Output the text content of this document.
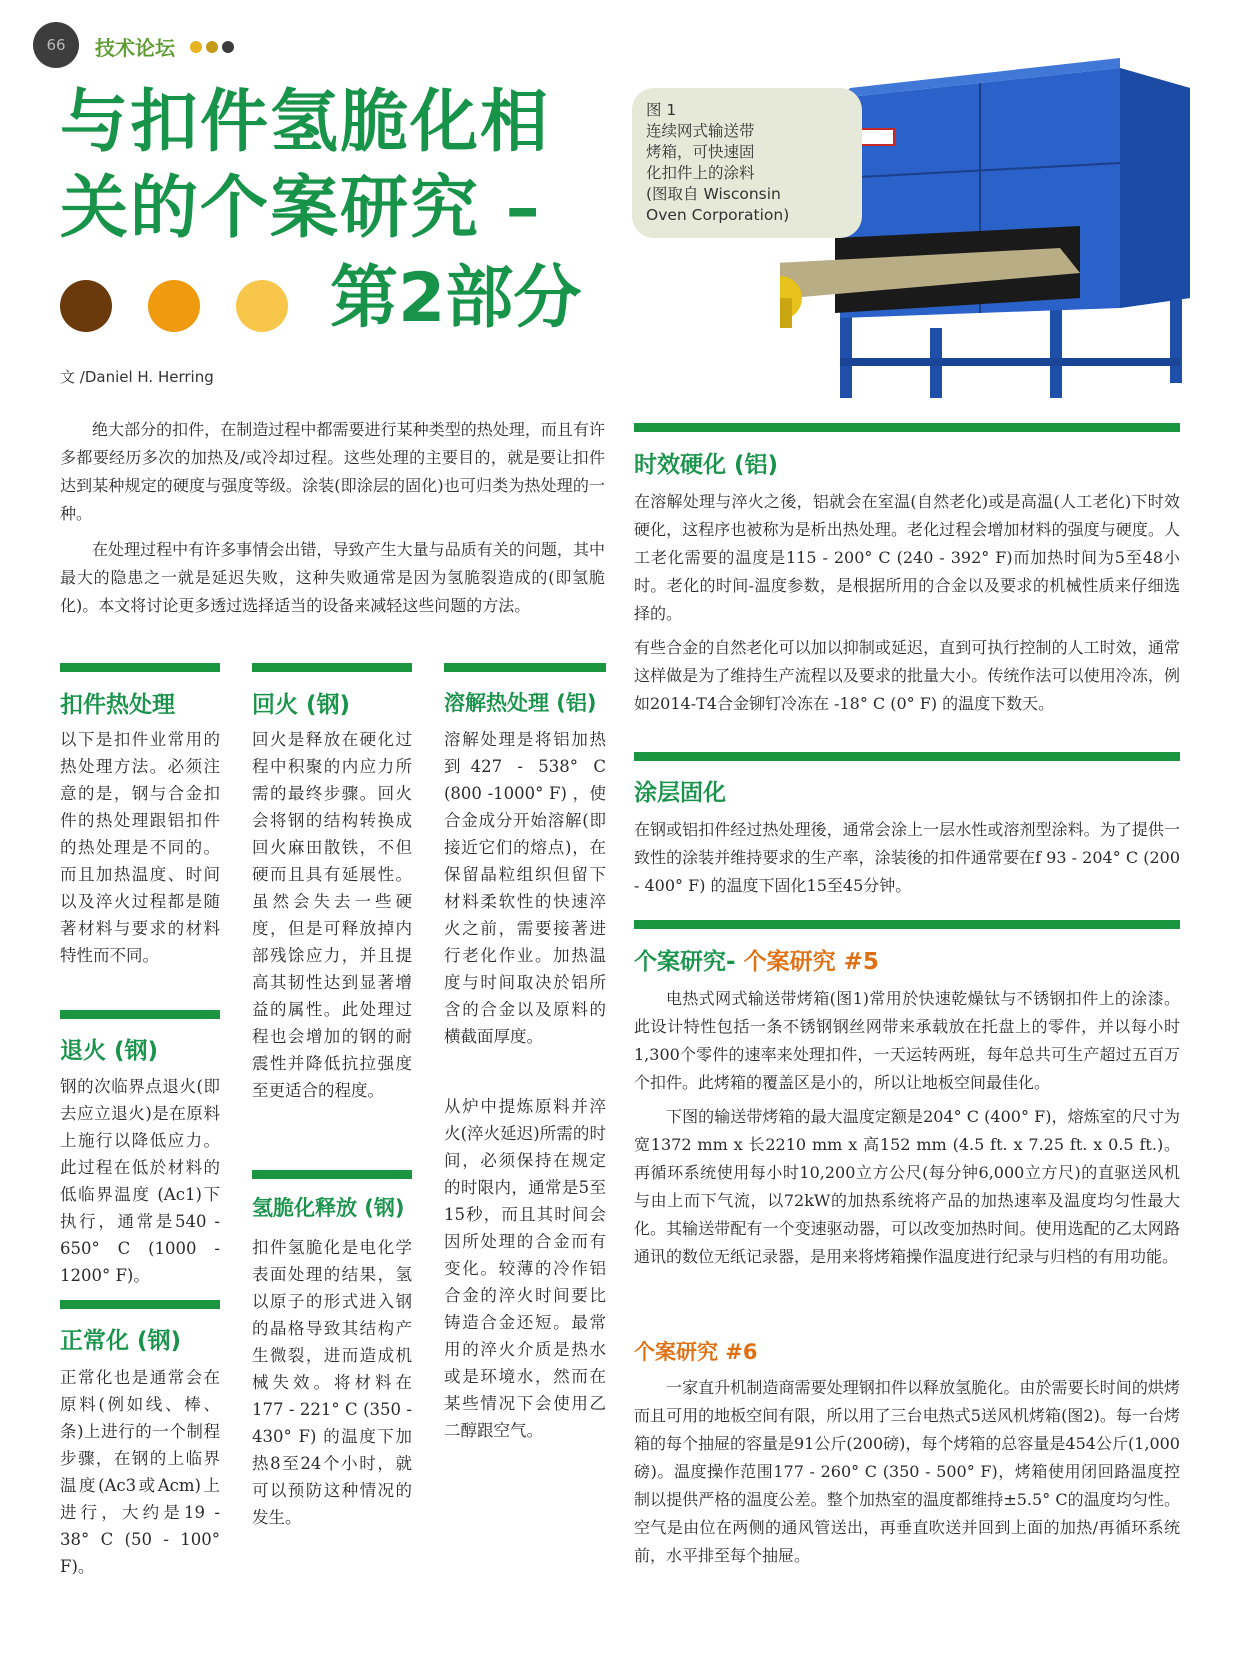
66	技术论坛
与扣件氢脆化相
关的个案研究 –
第2部分
文 /Daniel H. Herring
图 1
连续网式输送带
烤箱，可快速固
化扣件上的涂料
(图取自 Wisconsin
Oven Corporation)

绝大部分的扣件，在制造过程中都需要进行某种类型的热处理，而且有许多都要经历多次的加热及/或冷却过程。这些处理的主要目的，就是要让扣件达到某种规定的硬度与强度等级。涂装(即涂层的固化)也可归类为热处理的一种。

在处理过程中有许多事情会出错，导致产生大量与品质有关的问题，其中最大的隐患之一就是延迟失败，这种失败通常是因为氢脆裂造成的(即氢脆化)。本文将讨论更多透过选择适当的设备来减轻这些问题的方法。

扣件热处理
以下是扣件业常用的热处理方法。必须注意的是，钢与合金扣件的热处理跟铝扣件的热处理是不同的。而且加热温度、时间以及淬火过程都是随著材料与要求的材料特性而不同。
退火 (钢)
钢的次临界点退火(即去应立退火)是在原料上施行以降低应力。此过程在低於材料的低临界温度 (Ac1)下执行，通常是540 - 650° C (1000 - 1200° F)。
正常化 (钢)
正常化也是通常会在原料(例如线、棒、条)上进行的一个制程步骤，在钢的上临界温度(Ac3或Acm)上进行，大约是19 - 38° C (50 - 100° F)。
回火 (钢)
回火是释放在硬化过程中积聚的内应力所需的最终步骤。回火会将钢的结构转换成回火麻田散铁，不但硬而且具有延展性。虽然会失去一些硬度，但是可释放掉内部残馀应力，并且提高其韧性达到显著增益的属性。此处理过程也会增加的钢的耐震性并降低抗拉强度至更适合的程度。
氢脆化释放 (钢)
扣件氢脆化是电化学表面处理的结果，氢以原子的形式进入钢的晶格导致其结构产生微裂，进而造成机械失效。将材料在177 - 221° C (350 - 430° F) 的温度下加热8至24个小时，就可以预防这种情况的发生。
溶解热处理 (铝)
溶解处理是将铝加热到427 - 538° C (800 -1000° F) ，使合金成分开始溶解(即接近它们的熔点)，在保留晶粒组织但留下材料柔软性的快速淬火之前，需要接著进行老化作业。加热温度与时间取决於铝所含的合金以及原料的横截面厚度。
从炉中提炼原料并淬火(淬火延迟)所需的时间，必须保持在规定的时限内，通常是5至15秒，而且其时间会因所处理的合金而有变化。较薄的冷作铝合金的淬火时间要比铸造合金还短。最常用的淬火介质是热水或是环境水，然而在某些情况下会使用乙二醇跟空气。
时效硬化 (铝)

在溶解处理与淬火之後，铝就会在室温(自然老化)或是高温(人工老化)下时效硬化，这程序也被称为是析出热处理。老化过程会增加材料的强度与硬度。人工老化需要的温度是115 - 200° C (240 - 392° F)而加热时间为5至48小时。老化的时间-温度参数，是根据所用的合金以及要求的机械性质来仔细选择的。

有些合金的自然老化可以加以抑制或延迟，直到可执行控制的人工时效，通常这样做是为了维持生产流程以及要求的批量大小。传统作法可以使用冷冻，例如2014-T4合金铆钉冷冻在 -18° C (0° F) 的温度下数天。

涂层固化

在钢或铝扣件经过热处理後，通常会涂上一层水性或溶剂型涂料。为了提供一致性的涂装并维持要求的生产率，涂装後的扣件通常要在f 93 - 204° C (200 - 400° F) 的温度下固化15至45分钟。

个案研究- 个案研究 #5

电热式网式输送带烤箱(图1)常用於快速乾燥钛与不锈钢扣件上的涂漆。此设计特性包括一条不锈钢钢丝网带来承载放在托盘上的零件，并以每小时1,300个零件的速率来处理扣件，一天运转两班，每年总共可生产超过五百万个扣件。此烤箱的覆盖区是小的，所以让地板空间最佳化。

下图的输送带烤箱的最大温度定额是204° C (400° F)，熔炼室的尺寸为宽1372 mm x 长2210 mm x 高152 mm (4.5 ft. x 7.25 ft. x 0.5 ft.)。再循环系统使用每小时10,200立方公尺(每分钟6,000立方尺)的直驱送风机与由上而下气流，以72kW的加热系统将产品的加热速率及温度均匀性最大化。其输送带配有一个变速驱动器，可以改变加热时间。使用选配的乙太网路通讯的数位无纸记录器，是用来将烤箱操作温度进行纪录与归档的有用功能。

个案研究 #6

一家直升机制造商需要处理钢扣件以释放氢脆化。由於需要长时间的烘烤而且可用的地板空间有限，所以用了三台电热式5送风机烤箱(图2)。每一台烤箱的每个抽屉的容量是91公斤(200磅)，每个烤箱的总容量是454公斤(1,000磅)。温度操作范围177 - 260° C (350 - 500° F)，烤箱使用闭回路温度控制以提供严格的温度公差。整个加热室的温度都维持±5.5° C的温度均匀性。空气是由位在两侧的通风管送出，再垂直吹送并回到上面的加热/再循环系统前，水平排至每个抽屉。
